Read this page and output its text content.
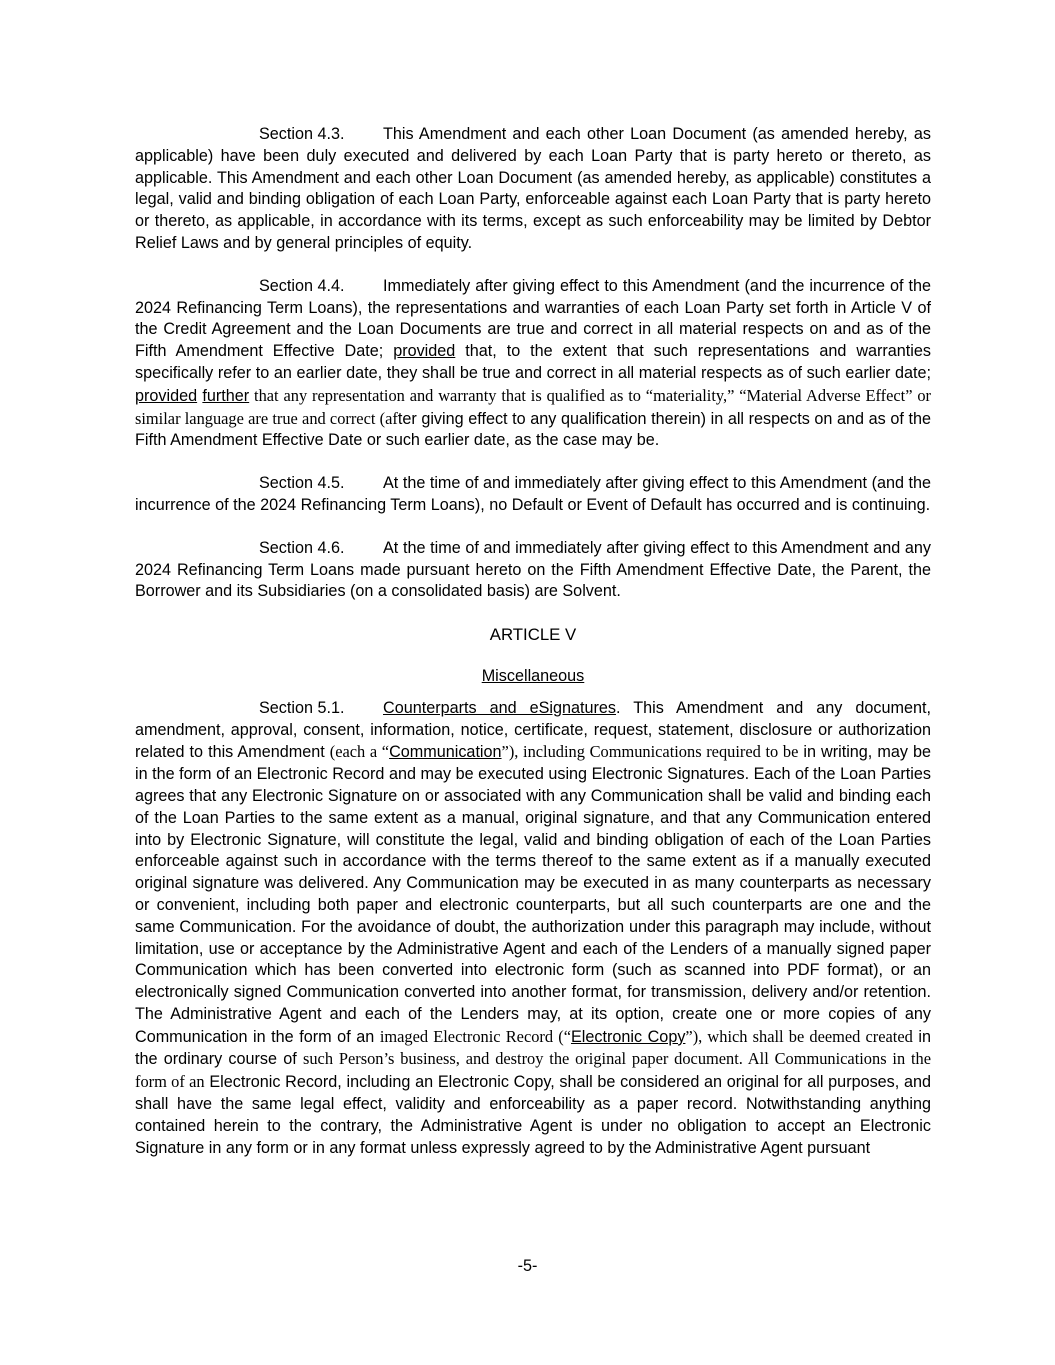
Section 4.3. This Amendment and each other Loan Document (as amended hereby, as applicable) have been duly executed and delivered by each Loan Party that is party hereto or thereto, as applicable. This Amendment and each other Loan Document (as amended hereby, as applicable) constitutes a legal, valid and binding obligation of each Loan Party, enforceable against each Loan Party that is party hereto or thereto, as applicable, in accordance with its terms, except as such enforceability may be limited by Debtor Relief Laws and by general principles of equity.

Section 4.4. Immediately after giving effect to this Amendment (and the incurrence of the 2024 Refinancing Term Loans), the representations and warranties of each Loan Party set forth in Article V of the Credit Agreement and the Loan Documents are true and correct in all material respects on and as of the Fifth Amendment Effective Date; provided that, to the extent that such representations and warranties specifically refer to an earlier date, they shall be true and correct in all material respects as of such earlier date; provided further that any representation and warranty that is qualified as to “materiality,” “Material Adverse Effect” or similar language are true and correct (after giving effect to any qualification therein) in all respects on and as of the Fifth Amendment Effective Date or such earlier date, as the case may be.

Section 4.5. At the time of and immediately after giving effect to this Amendment (and the incurrence of the 2024 Refinancing Term Loans), no Default or Event of Default has occurred and is continuing.

Section 4.6. At the time of and immediately after giving effect to this Amendment and any 2024 Refinancing Term Loans made pursuant hereto on the Fifth Amendment Effective Date, the Parent, the Borrower and its Subsidiaries (on a consolidated basis) are Solvent.

ARTICLE V

Miscellaneous

Section 5.1. Counterparts and eSignatures. This Amendment and any document, amendment, approval, consent, information, notice, certificate, request, statement, disclosure or authorization related to this Amendment (each a “Communication”), including Communications required to be in writing, may be in the form of an Electronic Record and may be executed using Electronic Signatures. Each of the Loan Parties agrees that any Electronic Signature on or associated with any Communication shall be valid and binding each of the Loan Parties to the same extent as a manual, original signature, and that any Communication entered into by Electronic Signature, will constitute the legal, valid and binding obligation of each of the Loan Parties enforceable against such in accordance with the terms thereof to the same extent as if a manually executed original signature was delivered. Any Communication may be executed in as many counterparts as necessary or convenient, including both paper and electronic counterparts, but all such counterparts are one and the same Communication. For the avoidance of doubt, the authorization under this paragraph may include, without limitation, use or acceptance by the Administrative Agent and each of the Lenders of a manually signed paper Communication which has been converted into electronic form (such as scanned into PDF format), or an electronically signed Communication converted into another format, for transmission, delivery and/or retention. The Administrative Agent and each of the Lenders may, at its option, create one or more copies of any Communication in the form of an imaged Electronic Record (“Electronic Copy”), which shall be deemed created in the ordinary course of such Person’s business, and destroy the original paper document. All Communications in the form of an Electronic Record, including an Electronic Copy, shall be considered an original for all purposes, and shall have the same legal effect, validity and enforceability as a paper record. Notwithstanding anything contained herein to the contrary, the Administrative Agent is under no obligation to accept an Electronic Signature in any form or in any format unless expressly agreed to by the Administrative Agent pursuant

-5-
